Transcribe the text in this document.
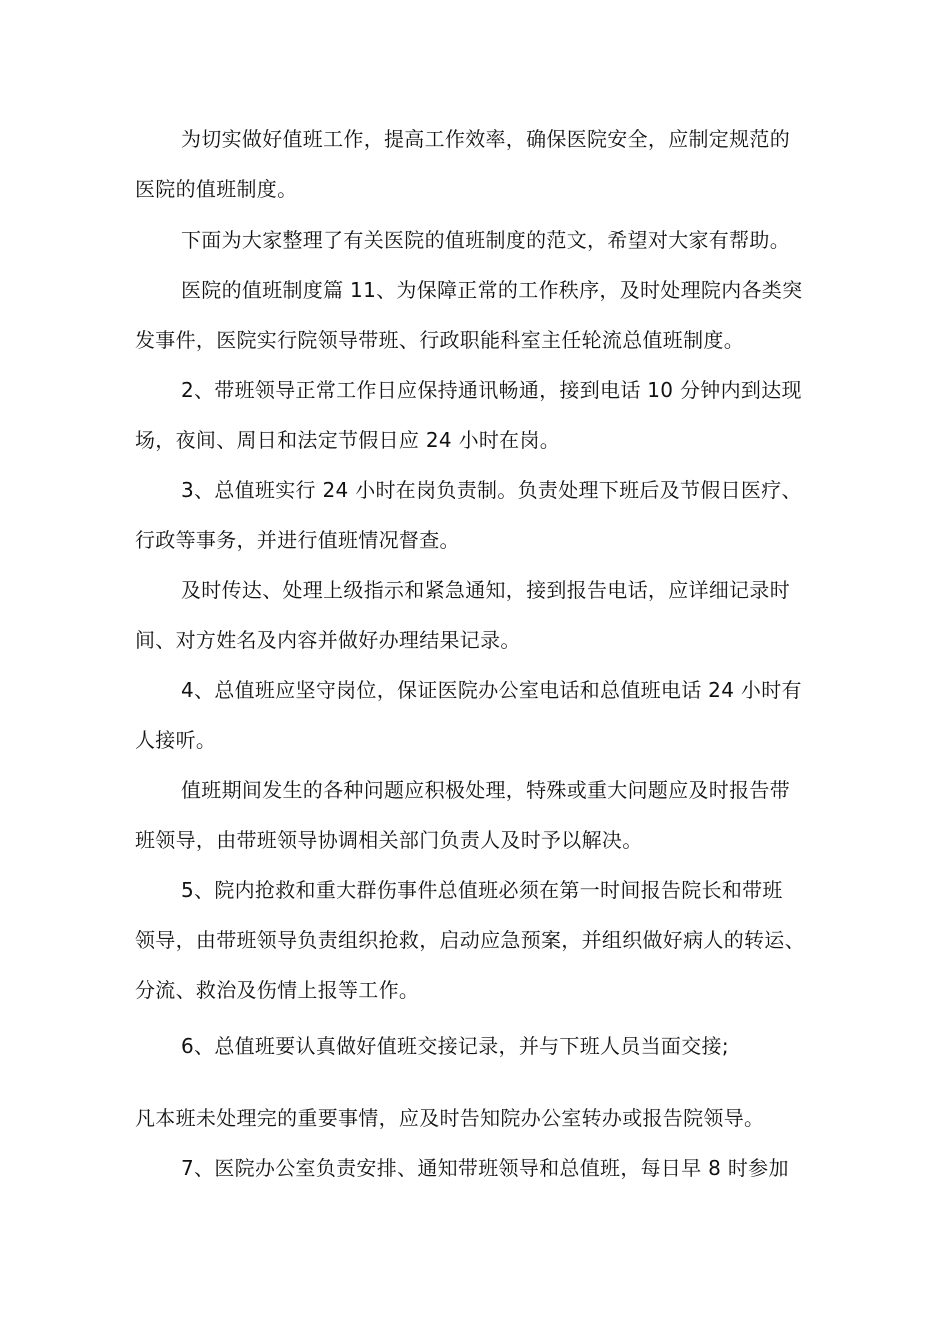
为切实做好值班工作，提高工作效率，确保医院安全，应制定规范的
医院的值班制度。
下面为大家整理了有关医院的值班制度的范文，希望对大家有帮助。
医院的值班制度篇 11、为保障正常的工作秩序，及时处理院内各类突
发事件，医院实行院领导带班、行政职能科室主任轮流总值班制度。
2、带班领导正常工作日应保持通讯畅通，接到电话 10 分钟内到达现
场，夜间、周日和法定节假日应 24 小时在岗。
3、总值班实行 24 小时在岗负责制。负责处理下班后及节假日医疗、
行政等事务，并进行值班情况督查。
及时传达、处理上级指示和紧急通知，接到报告电话，应详细记录时
间、对方姓名及内容并做好办理结果记录。
4、总值班应坚守岗位，保证医院办公室电话和总值班电话 24 小时有
人接听。
值班期间发生的各种问题应积极处理，特殊或重大问题应及时报告带
班领导，由带班领导协调相关部门负责人及时予以解决。
5、院内抢救和重大群伤事件总值班必须在第一时间报告院长和带班
领导，由带班领导负责组织抢救，启动应急预案，并组织做好病人的转运、
分流、救治及伤情上报等工作。
6、总值班要认真做好值班交接记录，并与下班人员当面交接;
凡本班未处理完的重要事情，应及时告知院办公室转办或报告院领导。
7、医院办公室负责安排、通知带班领导和总值班，每日早 8 时参加
